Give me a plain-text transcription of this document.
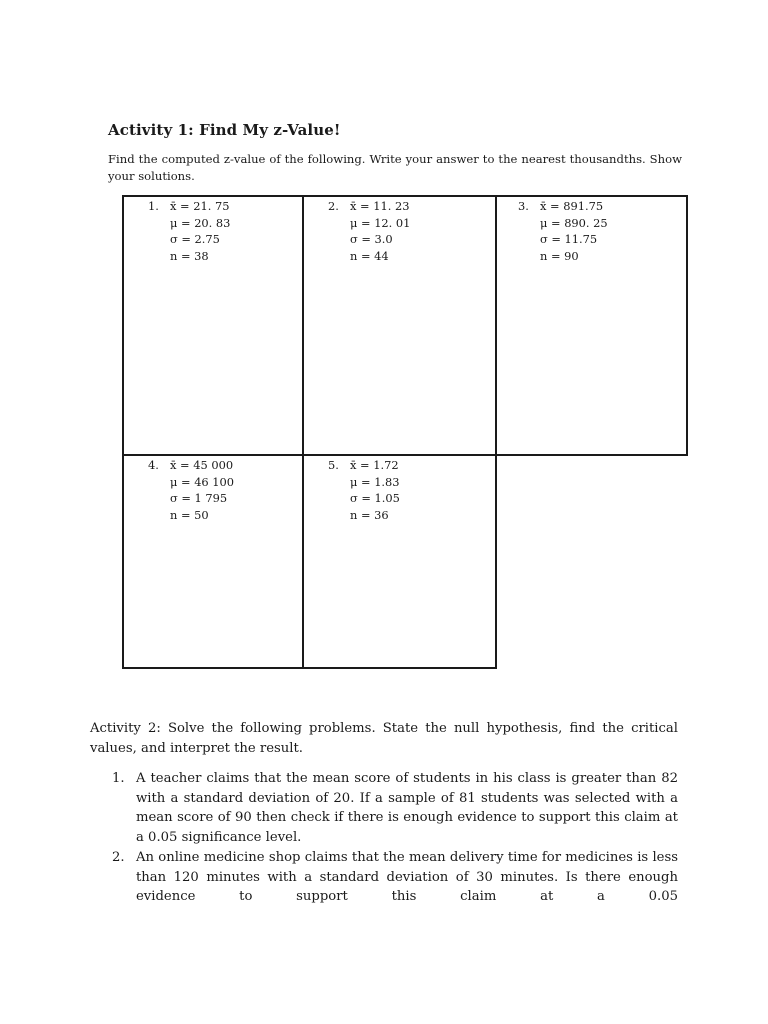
Activity 1: Find My z-Value!
Find the computed z-value of the following. Write your answer to the nearest thousandths. Show your solutions.
1. x̄ = 21. 75
μ = 20. 83
σ = 2.75
n = 38
2. x̄ = 11. 23
μ = 12. 01
σ = 3.0
n = 44
3. x̄ = 891.75
μ = 890. 25
σ = 11.75
n = 90
4. x̄ = 45 000
μ = 46 100
σ = 1 795
n = 50
5. x̄ = 1.72
μ = 1.83
σ = 1.05
n = 36
Activity 2: Solve the following problems. State the null hypothesis, find the critical values, and interpret the result.
1. A teacher claims that the mean score of students in his class is greater than 82 with a standard deviation of 20. If a sample of 81 students was selected with a mean score of 90 then check if there is enough evidence to support this claim at a 0.05 significance level.
2. An online medicine shop claims that the mean delivery time for medicines is less than 120 minutes with a standard deviation of 30 minutes. Is there enough evidence to support this claim at a 0.05
